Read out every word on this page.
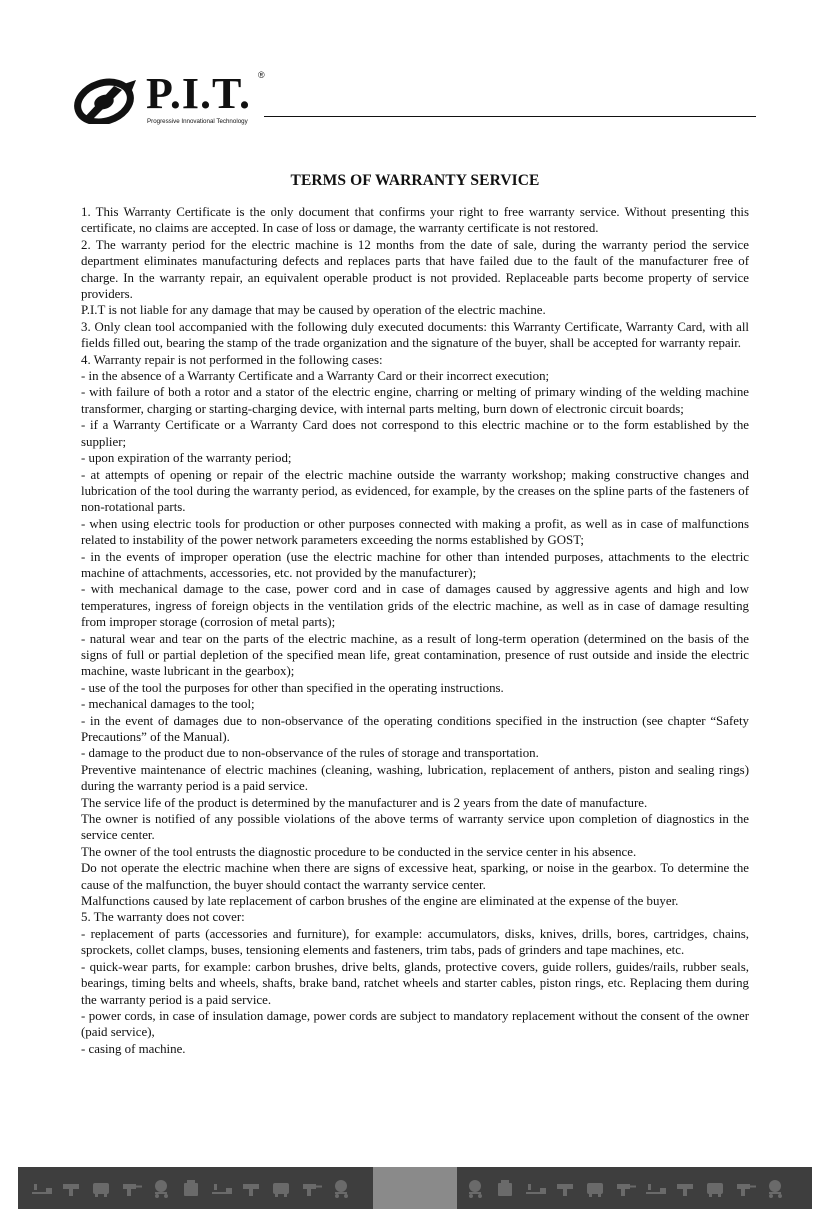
P.I.T. ®
Progressive Innovational Technology
TERMS OF WARRANTY SERVICE

1. This Warranty Certificate is the only document that confirms your right to free warranty service. Without presenting this certificate, no claims are accepted. In case of loss or damage, the warranty certificate is not restored.

2. The warranty period for the electric machine is 12 months from the date of sale, during the warranty period the service department eliminates manufacturing defects and replaces parts that have failed due to the fault of the manufacturer free of charge. In the warranty repair, an equivalent operable product is not provided. Replaceable parts become property of service providers.

P.I.T is not liable for any damage that may be caused by operation of the electric machine.

3. Only clean tool accompanied with the following duly executed documents: this Warranty Certificate, Warranty Card, with all fields filled out, bearing the stamp of the trade organization and the signature of the buyer, shall be accepted for warranty repair.

4. Warranty repair is not performed in the following cases:

- in the absence of a Warranty Certificate and a Warranty Card or their incorrect execution;

- with failure of both a rotor and a stator of the electric engine, charring or melting of primary winding of the welding machine transformer, charging or starting-charging device, with internal parts melting, burn down of electronic circuit boards;

- if a Warranty Certificate or a Warranty Card does not correspond to this electric machine or to the form established by the supplier;

- upon expiration of the warranty period;

- at attempts of opening or repair of the electric machine outside the warranty workshop; making constructive changes and lubrication of the tool during the warranty period, as evidenced, for example, by the creases on the spline parts of the fasteners of non-rotational parts.

- when using electric tools for production or other purposes connected with making a profit, as well as in case of malfunctions related to instability of the power network parameters exceeding the norms established by GOST;

- in the events of improper operation (use the electric machine for other than intended purposes, attachments to the electric machine of attachments, accessories, etc. not provided by the manufacturer);

- with mechanical damage to the case, power cord and in case of damages caused by aggressive agents and high and low temperatures, ingress of foreign objects in the ventilation grids of the electric machine, as well as in case of damage resulting from improper storage (corrosion of metal parts);

- natural wear and tear on the parts of the electric machine, as a result of long-term operation (determined on the basis of the signs of full or partial depletion of the specified mean life, great contamination, presence of rust outside and inside the electric machine, waste lubricant in the gearbox);

- use of the tool the purposes for other than specified in the operating instructions.

- mechanical damages to the tool;

- in the event of damages due to non-observance of the operating conditions specified in the instruction (see chapter “Safety Precautions” of the Manual).

- damage to the product due to non-observance of the rules of storage and transportation.

Preventive maintenance of electric machines (cleaning, washing, lubrication, replacement of anthers, piston and sealing rings) during the warranty period is a paid service.

The service life of the product is determined by the manufacturer and is 2 years from the date of manufacture.

The owner is notified of any possible violations of the above terms of warranty service upon completion of diagnostics in the service center.

The owner of the tool entrusts the diagnostic procedure to be conducted in the service center in his absence.

Do not operate the electric machine when there are signs of excessive heat, sparking, or noise in the gearbox. To determine the cause of the malfunction, the buyer should contact the warranty service center.

Malfunctions caused by late replacement of carbon brushes of the engine are eliminated at the expense of the buyer.

5. The warranty does not cover:

- replacement of parts (accessories and furniture), for example: accumulators, disks, knives, drills, bores, cartridges, chains, sprockets, collet clamps, buses, tensioning elements and fasteners, trim tabs, pads of grinders and tape machines, etc.

- quick-wear parts, for example: carbon brushes, drive belts, glands, protective covers, guide rollers, guides/rails, rubber seals, bearings, timing belts and wheels, shafts, brake band, ratchet wheels and starter cables, piston rings, etc. Replacing them during the warranty period is a paid service.

- power cords, in case of insulation damage, power cords are subject to mandatory replacement without the consent of the owner (paid service),

- casing of machine.
